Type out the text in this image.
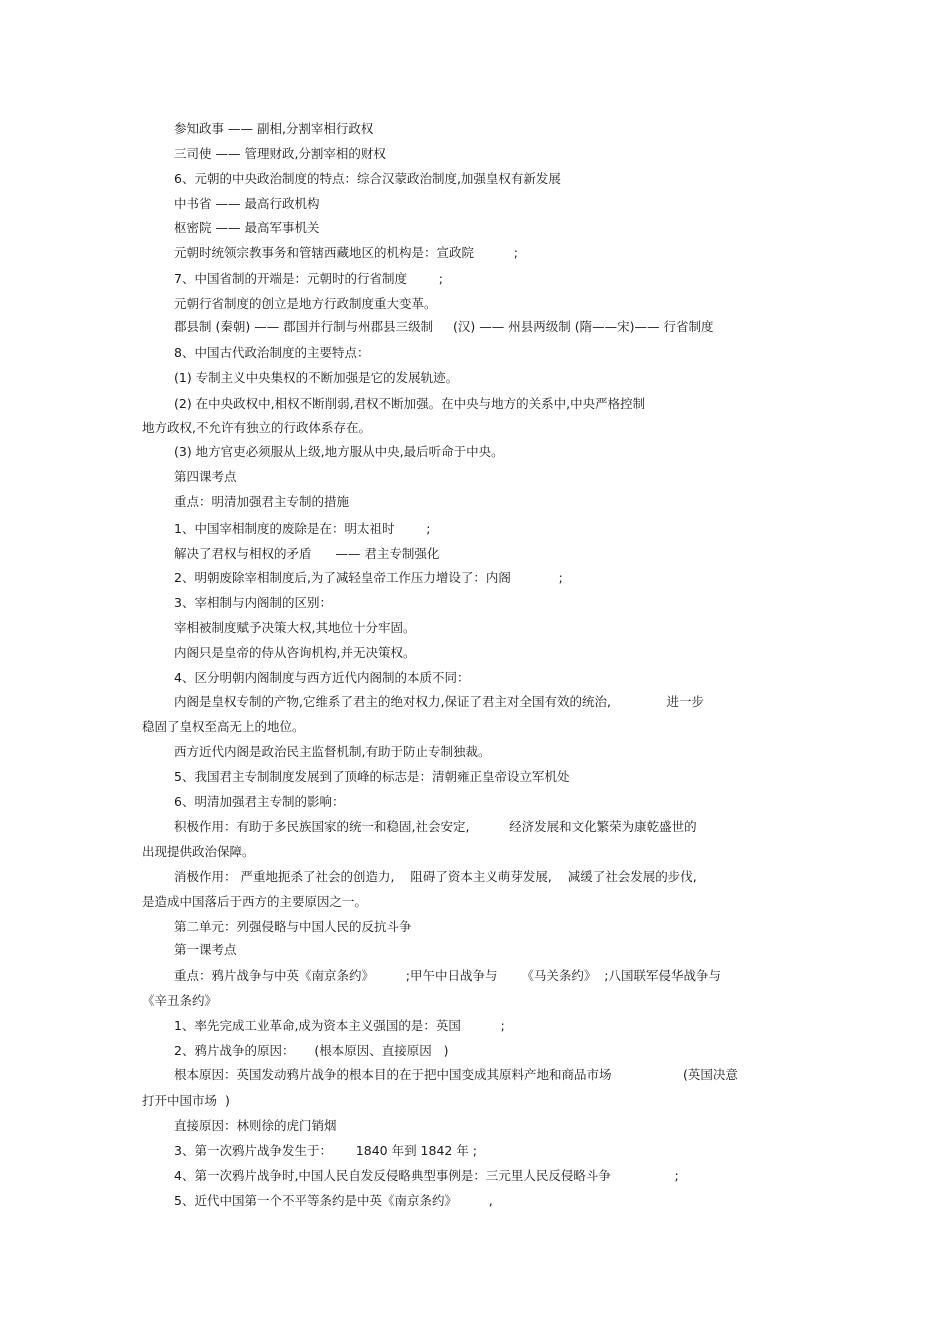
参知政事 —— 副相,分割宰相行政权
三司使 —— 管理财政,分割宰相的财权
6、元朝的中央政治制度的特点：综合汉蒙政治制度,加强皇权有新发展
中书省 —— 最高行政机构
枢密院 —— 最高军事机关
元朝时统领宗教事务和管辖西藏地区的机构是：宣政院          ;
7、中国省制的开端是：元朝时的行省制度        ;
元朝行省制度的创立是地方行政制度重大变革。
郡县制 (秦朝) —— 郡国并行制与州郡县三级制     (汉) —— 州县两级制 (隋——宋)—— 行省制度
8、中国古代政治制度的主要特点：
(1) 专制主义中央集权的不断加强是它的发展轨迹。
(2) 在中央政权中,相权不断削弱,君权不断加强。在中央与地方的关系中,中央严格控制
地方政权,不允许有独立的行政体系存在。
(3) 地方官吏必须服从上级,地方服从中央,最后听命于中央。
第四课考点
重点：明清加强君主专制的措施
1、中国宰相制度的废除是在：明太祖时        ;
解决了君权与相权的矛盾      —— 君主专制强化
2、明朝废除宰相制度后,为了减轻皇帝工作压力增设了：内阁            ;
3、宰相制与内阁制的区别：
宰相被制度赋予决策大权,其地位十分牢固。
内阁只是皇帝的侍从咨询机构,并无决策权。
4、区分明朝内阁制度与西方近代内阁制的本质不同：
内阁是皇权专制的产物,它维系了君主的绝对权力,保证了君主对全国有效的统治,              进一步
稳固了皇权至高无上的地位。
西方近代内阁是政治民主监督机制,有助于防止专制独裁。
5、我国君主专制制度发展到了顶峰的标志是：清朝雍正皇帝设立军机处
6、明清加强君主专制的影响：
积极作用：有助于多民族国家的统一和稳固,社会安定,          经济发展和文化繁荣为康乾盛世的
出现提供政治保障。
消极作用： 严重地扼杀了社会的创造力,    阻碍了资本主义萌芽发展,    减缓了社会发展的步伐,
是造成中国落后于西方的主要原因之一。
第二单元：列强侵略与中国人民的反抗斗争
第一课考点
重点：鸦片战争与中英《南京条约》        ;甲午中日战争与      《马关条约》  ;八国联军侵华战争与
《辛丑条约》
1、率先完成工业革命,成为资本主义强国的是：英国          ;
2、鸦片战争的原因：     (根本原因、直接原因   )
根本原因：英国发动鸦片战争的根本目的在于把中国变成其原料产地和商品市场                  (英国决意
打开中国市场  )
直接原因：林则徐的虎门销烟
3、第一次鸦片战争发生于：      1840 年到 1842 年 ;
4、第一次鸦片战争时,中国人民自发反侵略典型事例是：三元里人民反侵略斗争                ;
5、近代中国第一个不平等条约是中英《南京条约》        ,
